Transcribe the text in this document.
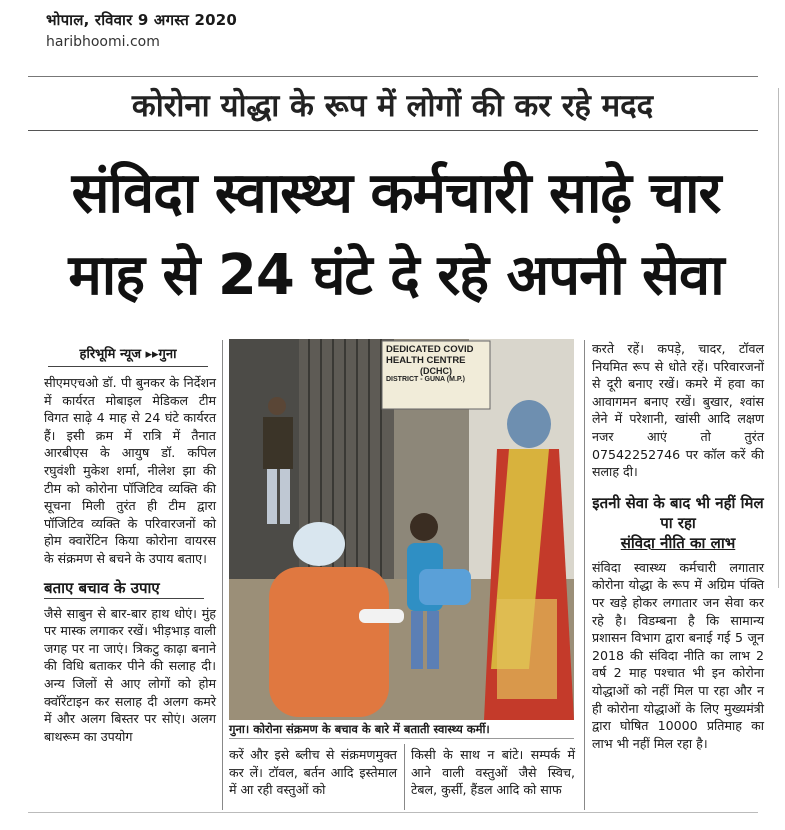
भोपाल, रविवार 9 अगस्त 2020
haribhoomi.com
कोरोना योद्धा के रूप में लोगों की कर रहे मदद
संविदा स्वास्थ्य कर्मचारी साढ़े चार
माह से 24 घंटे दे रहे अपनी सेवा
हरिभूमि न्यूज ▸▸गुना

सीएमएचओ डॉ. पी बुनकर के निर्देशन में कार्यरत मोबाइल मेडिकल टीम विगत साढ़े 4 माह से 24 घंटे कार्यरत हैं। इसी क्रम में रात्रि में तैनात आरबीएस के आयुष डॉ. कपिल रघुवंशी मुकेश शर्मा, नीलेश झा की टीम को कोरोना पॉजिटिव व्यक्ति की सूचना मिली तुरंत ही टीम द्वारा पॉजिटिव व्यक्ति के परिवारजनों को होम क्वारेंटिन किया कोरोना वायरस के संक्रमण से बचने के उपाय बताए।

बताए बचाव के उपाए

जैसे साबुन से बार-बार हाथ धोएं। मुंह पर मास्क लगाकर रखें। भीड़भाड़ वाली जगह पर ना जाएं। त्रिकटु काढ़ा बनाने की विधि बताकर पीने की सलाह दी। अन्य जिलों से आए लोगों को होम क्वॉरेंटाइन कर सलाह दी अलग कमरे में और अलग बिस्तर पर सोएं। अलग बाथरूम का उपयोग

DEDICATED COVID
HEALTH CENTRE
(DCHC)
DISTRICT - GUNA (M.P.)
गुना। कोरोना संक्रमण के बचाव के बारे में बताती स्वास्थ्य कर्मी।
करें और इसे ब्लीच से संक्रमणमुक्त कर लें। टॉवल, बर्तन आदि इस्तेमाल में आ रही वस्तुओं को
किसी के साथ न बांटे। सम्पर्क में आने वाली वस्तुओं जैसे स्विच, टेबल, कुर्सी, हैंडल आदि को साफ

करते रहें। कपड़े, चादर, टॉवल नियमित रूप से धोते रहें। परिवारजनों से दूरी बनाए रखें। कमरे में हवा का आवागमन बनाए रखें। बुखार, श्वांस लेने में परेशानी, खांसी आदि लक्षण नजर आएं तो तुरंत 07542252746 पर कॉल करें की सलाह दी।

इतनी सेवा के बाद भी नहीं मिल पा रहा
संविदा नीति का लाभ

संविदा स्वास्थ्य कर्मचारी लगातार कोरोना योद्धा के रूप में अग्रिम पंक्ति पर खड़े होकर लगातार जन सेवा कर रहे है। विडम्बना है कि सामान्य प्रशासन विभाग द्वारा बनाई गई 5 जून 2018 की संविदा नीति का लाभ 2 वर्ष 2 माह पश्चात भी इन कोरोना योद्धाओं को नहीं मिल पा रहा और न ही कोरोना योद्धाओं के लिए मुख्यमंत्री द्वारा घोषित 10000 प्रतिमाह का लाभ भी नहीं मिल रहा है।
